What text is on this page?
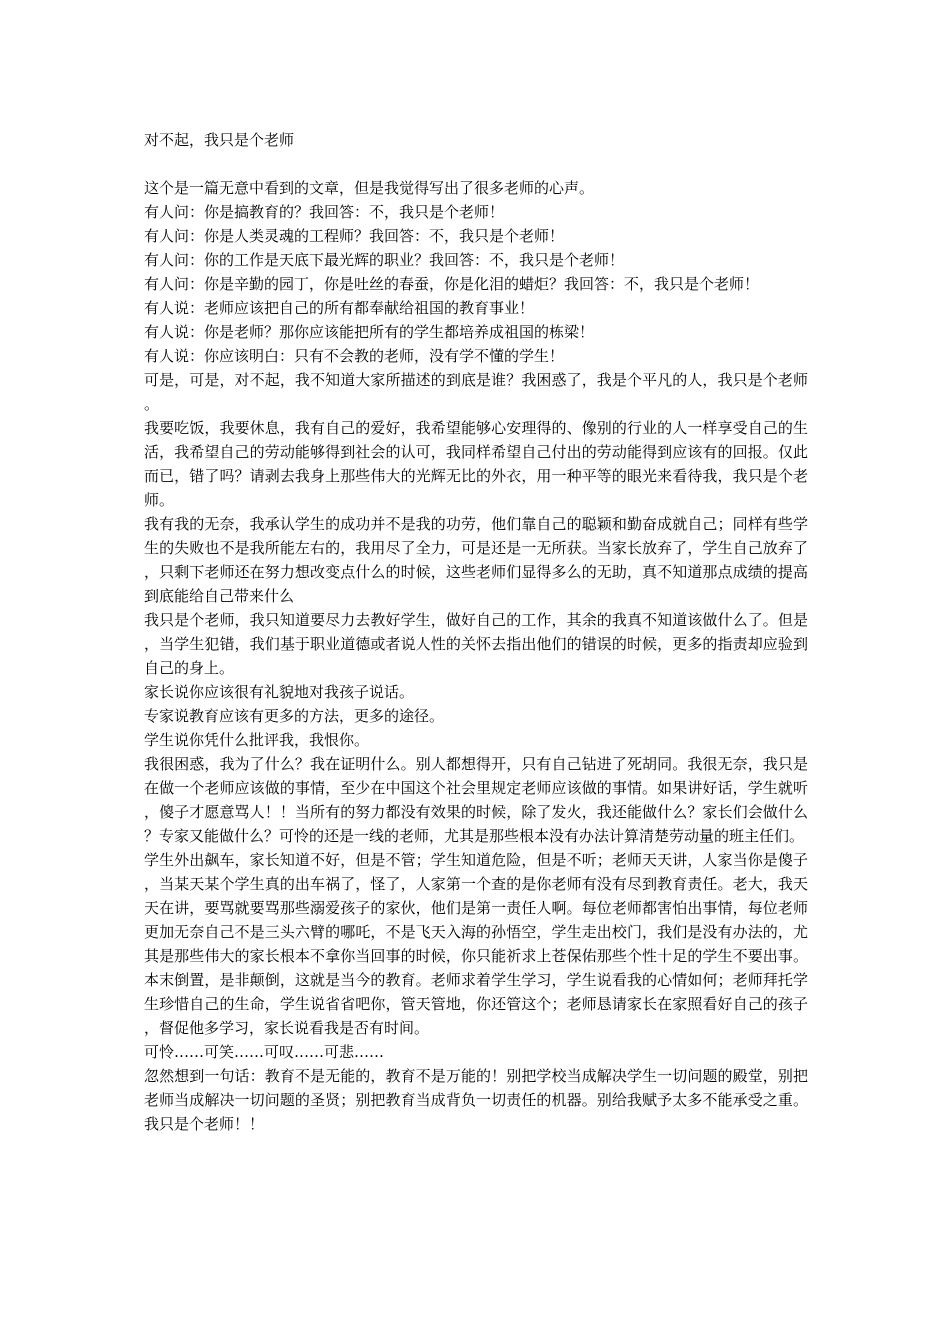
对不起，我只是个老师

这个是一篇无意中看到的文章，但是我觉得写出了很多老师的心声。

有人问：你是搞教育的？我回答：不，我只是个老师！

有人问：你是人类灵魂的工程师？我回答：不，我只是个老师！

有人问：你的工作是天底下最光辉的职业？我回答：不，我只是个老师！

有人问：你是辛勤的园丁，你是吐丝的春蚕，你是化泪的蜡炬？我回答：不，我只是个老师！

有人说：老师应该把自己的所有都奉献给祖国的教育事业！

有人说：你是老师？那你应该能把所有的学生都培养成祖国的栋梁！

有人说：你应该明白：只有不会教的老师，没有学不懂的学生！

可是，可是，对不起，我不知道大家所描述的到底是谁？我困惑了，我是个平凡的人，我只是个老师。

我要吃饭，我要休息，我有自己的爱好，我希望能够心安理得的、像别的行业的人一样享受自己的生活，我希望自己的劳动能够得到社会的认可，我同样希望自己付出的劳动能得到应该有的回报。仅此而已，错了吗？请剥去我身上那些伟大的光辉无比的外衣，用一种平等的眼光来看待我，我只是个老师。

我有我的无奈，我承认学生的成功并不是我的功劳，他们靠自己的聪颖和勤奋成就自己；同样有些学生的失败也不是我所能左右的，我用尽了全力，可是还是一无所获。当家长放弃了，学生自己放弃了，只剩下老师还在努力想改变点什么的时候，这些老师们显得多么的无助，真不知道那点成绩的提高到底能给自己带来什么

我只是个老师，我只知道要尽力去教好学生，做好自己的工作，其余的我真不知道该做什么了。但是，当学生犯错，我们基于职业道德或者说人性的关怀去指出他们的错误的时候，更多的指责却应验到自己的身上。

家长说你应该很有礼貌地对我孩子说话。

专家说教育应该有更多的方法，更多的途径。

学生说你凭什么批评我，我恨你。

我很困惑，我为了什么？我在证明什么。别人都想得开，只有自己钻进了死胡同。我很无奈，我只是在做一个老师应该做的事情，至少在中国这个社会里规定老师应该做的事情。如果讲好话，学生就听，傻子才愿意骂人！！当所有的努力都没有效果的时候，除了发火，我还能做什么？家长们会做什么？专家又能做什么？可怜的还是一线的老师，尤其是那些根本没有办法计算清楚劳动量的班主任们。

学生外出飙车，家长知道不好，但是不管；学生知道危险，但是不听；老师天天讲，人家当你是傻子，当某天某个学生真的出车祸了，怪了，人家第一个查的是你老师有没有尽到教育责任。老大，我天天在讲，要骂就要骂那些溺爱孩子的家伙，他们是第一责任人啊。每位老师都害怕出事情，每位老师更加无奈自己不是三头六臂的哪吒，不是飞天入海的孙悟空，学生走出校门，我们是没有办法的，尤其是那些伟大的家长根本不拿你当回事的时候，你只能祈求上苍保佑那些个性十足的学生不要出事。本末倒置，是非颠倒，这就是当今的教育。老师求着学生学习，学生说看我的心情如何；老师拜托学生珍惜自己的生命，学生说省省吧你，管天管地，你还管这个；老师恳请家长在家照看好自己的孩子，督促他多学习，家长说看我是否有时间。

可怜……可笑……可叹……可悲……

忽然想到一句话：教育不是无能的，教育不是万能的！别把学校当成解决学生一切问题的殿堂，别把老师当成解决一切问题的圣贤；别把教育当成背负一切责任的机器。别给我赋予太多不能承受之重。我只是个老师！！
